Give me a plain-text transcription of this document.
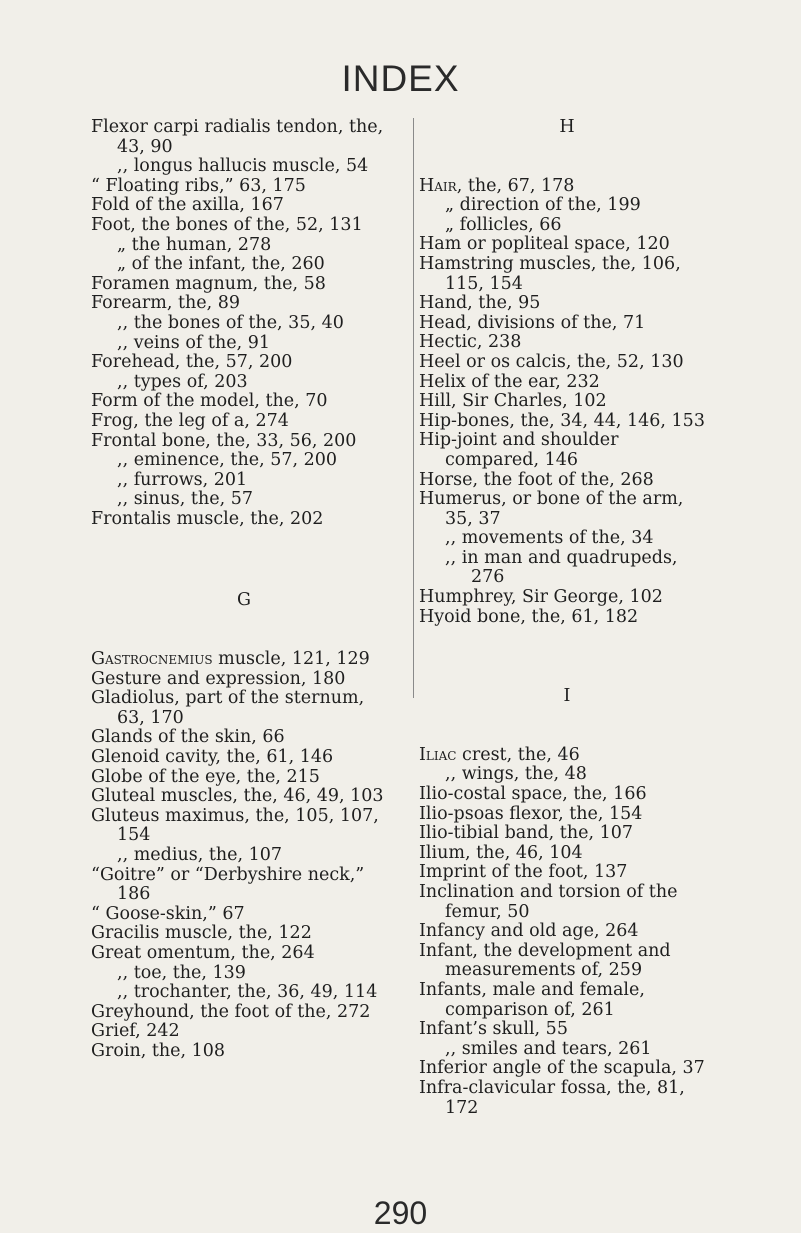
INDEX

Flexor carpi radialis tendon, the, 43, 90

,, longus hallucis muscle, 54

“ Floating ribs,” 63, 175

Fold of the axilla, 167

Foot, the bones of the, 52, 131

„ the human, 278

„ of the infant, the, 260

Foramen magnum, the, 58

Forearm, the, 89

,, the bones of the, 35, 40

,, veins of the, 91

Forehead, the, 57, 200

,, types of, 203

Form of the model, the, 70

Frog, the leg of a, 274

Frontal bone, the, 33, 56, 200

,, eminence, the, 57, 200

,, furrows, 201

,, sinus, the, 57

Frontalis muscle, the, 202

G

Gastrocnemius muscle, 121, 129

Gesture and expression, 180

Gladiolus, part of the sternum, 63, 170

Glands of the skin, 66

Glenoid cavity, the, 61, 146

Globe of the eye, the, 215

Gluteal muscles, the, 46, 49, 103

Gluteus maximus, the, 105, 107, 154

,, medius, the, 107

“Goitre” or “Derbyshire neck,” 186

“ Goose-skin,” 67

Gracilis muscle, the, 122

Great omentum, the, 264

,, toe, the, 139

,, trochanter, the, 36, 49, 114

Greyhound, the foot of the, 272

Grief, 242

Groin, the, 108

H

Hair, the, 67, 178

„ direction of the, 199

„ follicles, 66

Ham or popliteal space, 120

Hamstring muscles, the, 106, 115, 154

Hand, the, 95

Head, divisions of the, 71

Hectic, 238

Heel or os calcis, the, 52, 130

Helix of the ear, 232

Hill, Sir Charles, 102

Hip-bones, the, 34, 44, 146, 153

Hip-joint and shoulder compared, 146

Horse, the foot of the, 268

Humerus, or bone of the arm, 35, 37

,, movements of the, 34

,, in man and quadrupeds, 276

Humphrey, Sir George, 102

Hyoid bone, the, 61, 182

I

Iliac crest, the, 46

,, wings, the, 48

Ilio-costal space, the, 166

Ilio-psoas flexor, the, 154

Ilio-tibial band, the, 107

Ilium, the, 46, 104

Imprint of the foot, 137

Inclination and torsion of the femur, 50

Infancy and old age, 264

Infant, the development and measurements of, 259

Infants, male and female, comparison of, 261

Infant’s skull, 55

,, smiles and tears, 261

Inferior angle of the scapula, 37

Infra-clavicular fossa, the, 81, 172

290
